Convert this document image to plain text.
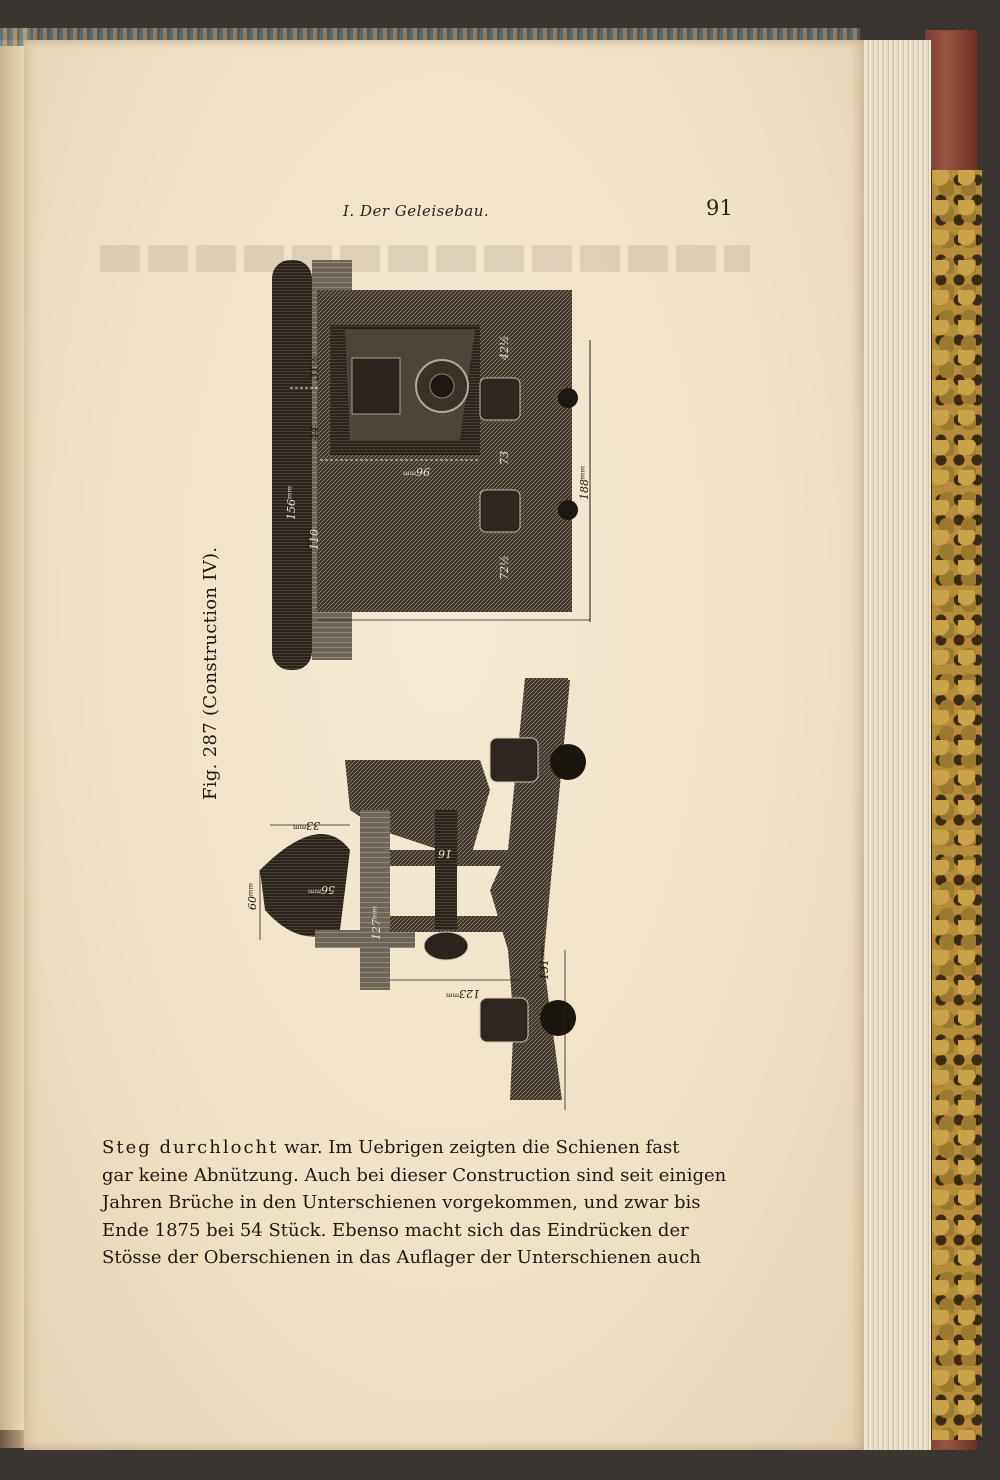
I. Der Geleisebau.	91
31½
44
156ᵐᵐ
110
96ᵐᵐ
42½
73
72½
188ᵐᵐ
33ᵐᵐ
60ᵐᵐ	56ᵐᵐ
127ᵐᵐ
16
123ᵐᵐ
131ᵐᵐ
Fig. 287 (Construction IV).
Steg durchlocht war. Im Uebrigen zeigten die Schienen fast
gar keine Abnützung. Auch bei dieser Construction sind seit einigen
Jahren Brüche in den Unterschienen vorgekommen, und zwar bis
Ende 1875 bei 54 Stück. Ebenso macht sich das Eindrücken der
Stösse der Oberschienen in das Auflager der Unterschienen auch
